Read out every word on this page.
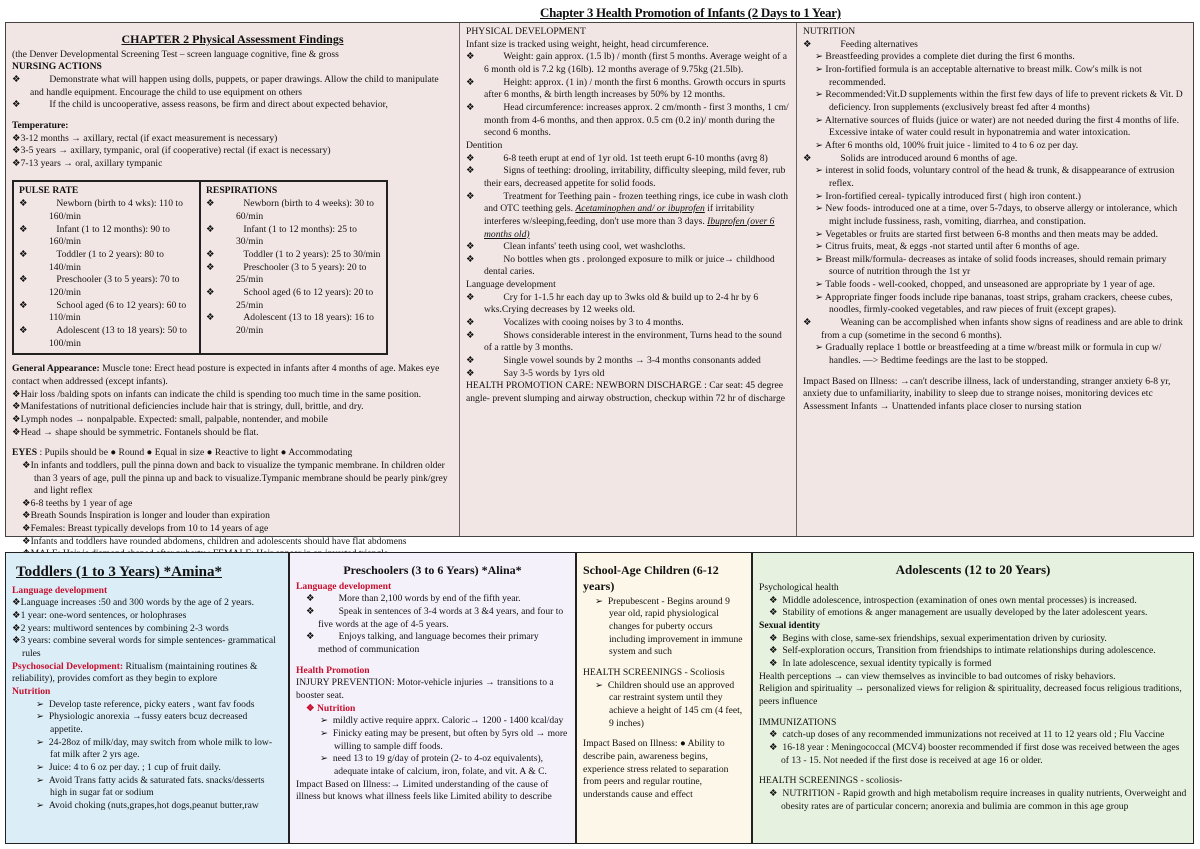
Chapter 3 Health Promotion of Infants (2 Days to 1 Year)
CHAPTER 2 Physical Assessment Findings
(the Denver Developmental Screening Test – screen language cognitive, fine & gross
NURSING ACTIONS
❖            Demonstrate what will happen using dolls, puppets, or paper drawings. Allow the child to manipulate and handle equipment. Encourage the child to use equipment on others
❖            If the child is uncooperative, assess reasons, be firm and direct about expected behavior,
Temperature:
❖3-12 months → axillary, rectal (if exact measurement is necessary)
❖3-5 years → axillary, tympanic, oral (if cooperative) rectal (if exact is necessary)
❖7-13 years → oral, axillary tympanic
PULSE RATE
❖            Newborn (birth to 4 wks): 110 to 160/min
❖            Infant (1 to 12 months): 90 to 160/min
❖            Toddler (1 to 2 years): 80 to 140/min
❖            Preschooler (3 to 5 years): 70 to 120/min
❖            School aged (6 to 12 years): 60 to 110/min
❖            Adolescent (13 to 18 years): 50 to 100/min
RESPIRATIONS
❖            Newborn (birth to 4 weeks): 30 to 60/min
❖            Infant (1 to 12 months): 25 to 30/min
❖            Toddler (1 to 2 years): 25 to 30/min
❖            Preschooler (3 to 5 years): 20 to 25/min
❖            School aged (6 to 12 years): 20 to 25/min
❖            Adolescent (13 to 18 years): 16 to 20/min
General Appearance: Muscle tone: Erect head posture is expected in infants after 4 months of age. Makes eye contact when addressed (except infants).
❖Hair loss /balding spots on infants can indicate the child is spending too much time in the same position.
❖Manifestations of nutritional deficiencies include hair that is stringy, dull, brittle, and dry.
❖Lymph nodes → nonpalpable. Expected: small, palpable, nontender, and mobile
❖Head → shape should be symmetric. Fontanels should be flat.
EYES : Pupils should be ● Round ● Equal in size ● Reactive to light ● Accommodating
❖In infants and toddlers, pull the pinna down and back to visualize the tympanic membrane. In children older than 3 years of age, pull the pinna up and back to visualize.Tympanic membrane should be pearly pink/grey and light reflex
❖6-8 teeths by 1 year of age
❖Breath Sounds Inspiration is longer and louder than expiration
❖Females: Breast typically develops from 10 to 14 years of age
❖Infants and toddlers have rounded abdomens, children and adolescents should have flat abdomens
PHYSICAL DEVELOPMENT
Infant size is tracked using weight, height, head circumference.
❖            Weight: gain approx. (1.5 lb) / month (first 5 months. Average weight of a 6 month old is 7.2 kg (16lb). 12 months average of 9.75kg (21.5lb).
❖            Height: approx. (1 in) / month the first 6 months. Growth occurs in spurts after 6 months, & birth length increases by 50% by 12 months.
❖            Head circumference: increases approx. 2 cm/month - first 3 months, 1 cm/ month from 4-6 months, and then approx. 0.5 cm (0.2 in)/ month during the second 6 months.
Dentition
❖            6-8 teeth erupt at end of 1yr old. 1st teeth erupt 6-10 months (avrg 8)
❖            Signs of teething: drooling, irritability, difficulty sleeping, mild fever, rub their ears, decreased appetite for solid foods.
❖            Treatment for Teething pain - frozen teething rings, ice cube in wash cloth and OTC teething gels. Acetaminophen and/ or ibuprofen if irritability interferes w/sleeping,feeding, don't use more than 3 days. Ibuprofen (over 6 months old)
❖            Clean infants' teeth using cool, wet washcloths.
❖            No bottles when gts . prolonged exposure to milk or juice→ childhood dental caries.
Language development
❖            Cry for 1-1.5 hr each day up to 3wks old & build up to 2-4 hr by 6 wks.Crying decreases by 12 weeks old.
❖            Vocalizes with cooing noises by 3 to 4 months.
❖            Shows considerable interest in the environment, Turns head to the sound of a rattle by 3 months.
❖            Single vowel sounds by 2 months → 3-4 months consonants added
❖            Say 3-5 words by 1yrs old
HEALTH PROMOTION CARE: NEWBORN DISCHARGE : Car seat: 45 degree angle- prevent slumping and airway obstruction, checkup within 72 hr of discharge
NUTRITION
❖            Feeding alternatives
➢ Breastfeeding provides a complete diet during the first 6 months.
➢ Iron-fortified formula is an acceptable alternative to breast milk. Cow's milk is not recommended.
➢ Recommended:Vit.D supplements within the first few days of life to prevent rickets & Vit. D deficiency. Iron supplements (exclusively breast fed after 4 months)
➢ Alternative sources of fluids (juice or water) are not needed during the first 4 months of life. Excessive intake of water could result in hyponatremia and water intoxication.
➢ After 6 months old, 100% fruit juice - limited to 4 to 6 oz per day.
❖            Solids are introduced around 6 months of age.
➢ interest in solid foods, voluntary control of the head & trunk, & disappearance of extrusion reflex.
➢ Iron-fortified cereal- typically introduced first ( high iron content.)
➢ New foods- introduced one at a time, over 5-7days, to observe allergy or intolerance, which might include fussiness, rash, vomiting, diarrhea, and constipation.
➢ Vegetables or fruits are started first between 6-8 months and then meats may be added.
➢ Citrus fruits, meat, & eggs -not started until after 6 months of age.
➢ Breast milk/formula- decreases as intake of solid foods increases, should remain primary source of nutrition through the 1st yr
➢ Table foods - well-cooked, chopped, and unseasoned are appropriate by 1 year of age.
➢ Appropriate finger foods include ripe bananas, toast strips, graham crackers, cheese cubes, noodles, firmly-cooked vegetables, and raw pieces of fruit (except grapes).
❖            Weaning can be accomplished when infants show signs of readiness and are able to drink from a cup (sometime in the second 6 months).
➢ Gradually replace 1 bottle or breastfeeding at a time w/breast milk or formula in cup w/ handles. —> Bedtime feedings are the last to be stopped.
Impact Based on Illness: →can't describe illness, lack of understanding, stranger anxiety 6-8 yr, anxiety due to unfamiliarity, inability to sleep due to strange noises, monitoring devices etc Assessment Infants → Unattended infants place closer to nursing station
Toddlers (1 to 3 Years) *Amina*
Language development
❖Language increases :50 and 300 words by the age of 2 years.
❖1 year: one-word sentences, or holophrases
❖2 years: multiword sentences by combining 2-3 words
❖3 years: combine several words for simple sentences- grammatical rules
Psychosocial Development: Ritualism (maintaining routines & reliability), provides comfort as they begin to explore
Nutrition
➢  Develop taste reference, picky eaters , want fav foods
➢  Physiologic anorexia →fussy eaters bcuz decreased appetite.
➢  24-28oz of milk/day, may switch from whole milk to low-fat milk after 2 yrs age.
➢  Juice: 4 to 6 oz per day. ; 1 cup of fruit daily.
➢  Avoid Trans fatty acids & saturated fats. snacks/desserts high in sugar fat or sodium
➢  Avoid choking (nuts,grapes,hot dogs,peanut butter,raw
Preschoolers (3 to 6 Years) *Alina*
Language development
❖          More than 2,100 words by end of the fifth year.
❖          Speak in sentences of 3-4 words at 3 &4 years, and four to five words at the age of 4-5 years.
❖          Enjoys talking, and language becomes their primary method of communication
Health Promotion
INJURY PREVENTION: Motor-vehicle injuries → transitions to a booster seat.
❖ Nutrition
➢  mildly active require apprx. Caloric→ 1200 - 1400 kcal/day
➢  Finicky eating may be present, but often by 5yrs old → more willing to sample diff foods.
➢  need 13 to 19 g/day of protein (2- to 4-oz equivalents), adequate intake of calcium, iron, folate, and vit. A & C.
Impact Based on Illness:→ Limited understanding of the cause of illness but knows what illness feels like Limited ability to describe
School-Age Children (6-12 years)
➢  Prepubescent - Begins around 9 year old, rapid physiological changes for puberty occurs including improvement in immune system and such
HEALTH SCREENINGS - Scoliosis
➢  Children should use an approved car restraint system until they achieve a height of 145 cm (4 feet, 9 inches)
Impact Based on Illness: ● Ability to describe pain, awareness begins, experience stress related to separation from peers and regular routine, understands cause and effect
Adolescents (12 to 20 Years)
Psychological health
❖  Middle adolescence, introspection (examination of ones own mental processes) is increased.
❖  Stability of emotions & anger management are usually developed by the later adolescent years.
Sexual identity
❖  Begins with close, same-sex friendships, sexual experimentation driven by curiosity.
❖  Self-exploration occurs, Transition from friendships to intimate relationships during adolescence.
❖  In late adolescence, sexual identity typically is formed
Health perceptions → can view themselves as invincible to bad outcomes of risky behaviors.
Religion and spirituality → personalized views for religion & spirituality, decreased focus religious traditions, peers influence
IMMUNIZATIONS
❖  catch-up doses of any recommended immunizations not received at 11 to 12 years old ; Flu Vaccine
❖  16-18 year : Meningococcal (MCV4) booster recommended if first dose was received between the ages of 13 - 15. Not needed if the first dose is received at age 16 or older.
HEALTH SCREENINGS - scoliosis-
❖  NUTRITION - Rapid growth and high metabolism require increases in quality nutrients, Overweight and obesity rates are of particular concern; anorexia and bulimia are common in this age group
